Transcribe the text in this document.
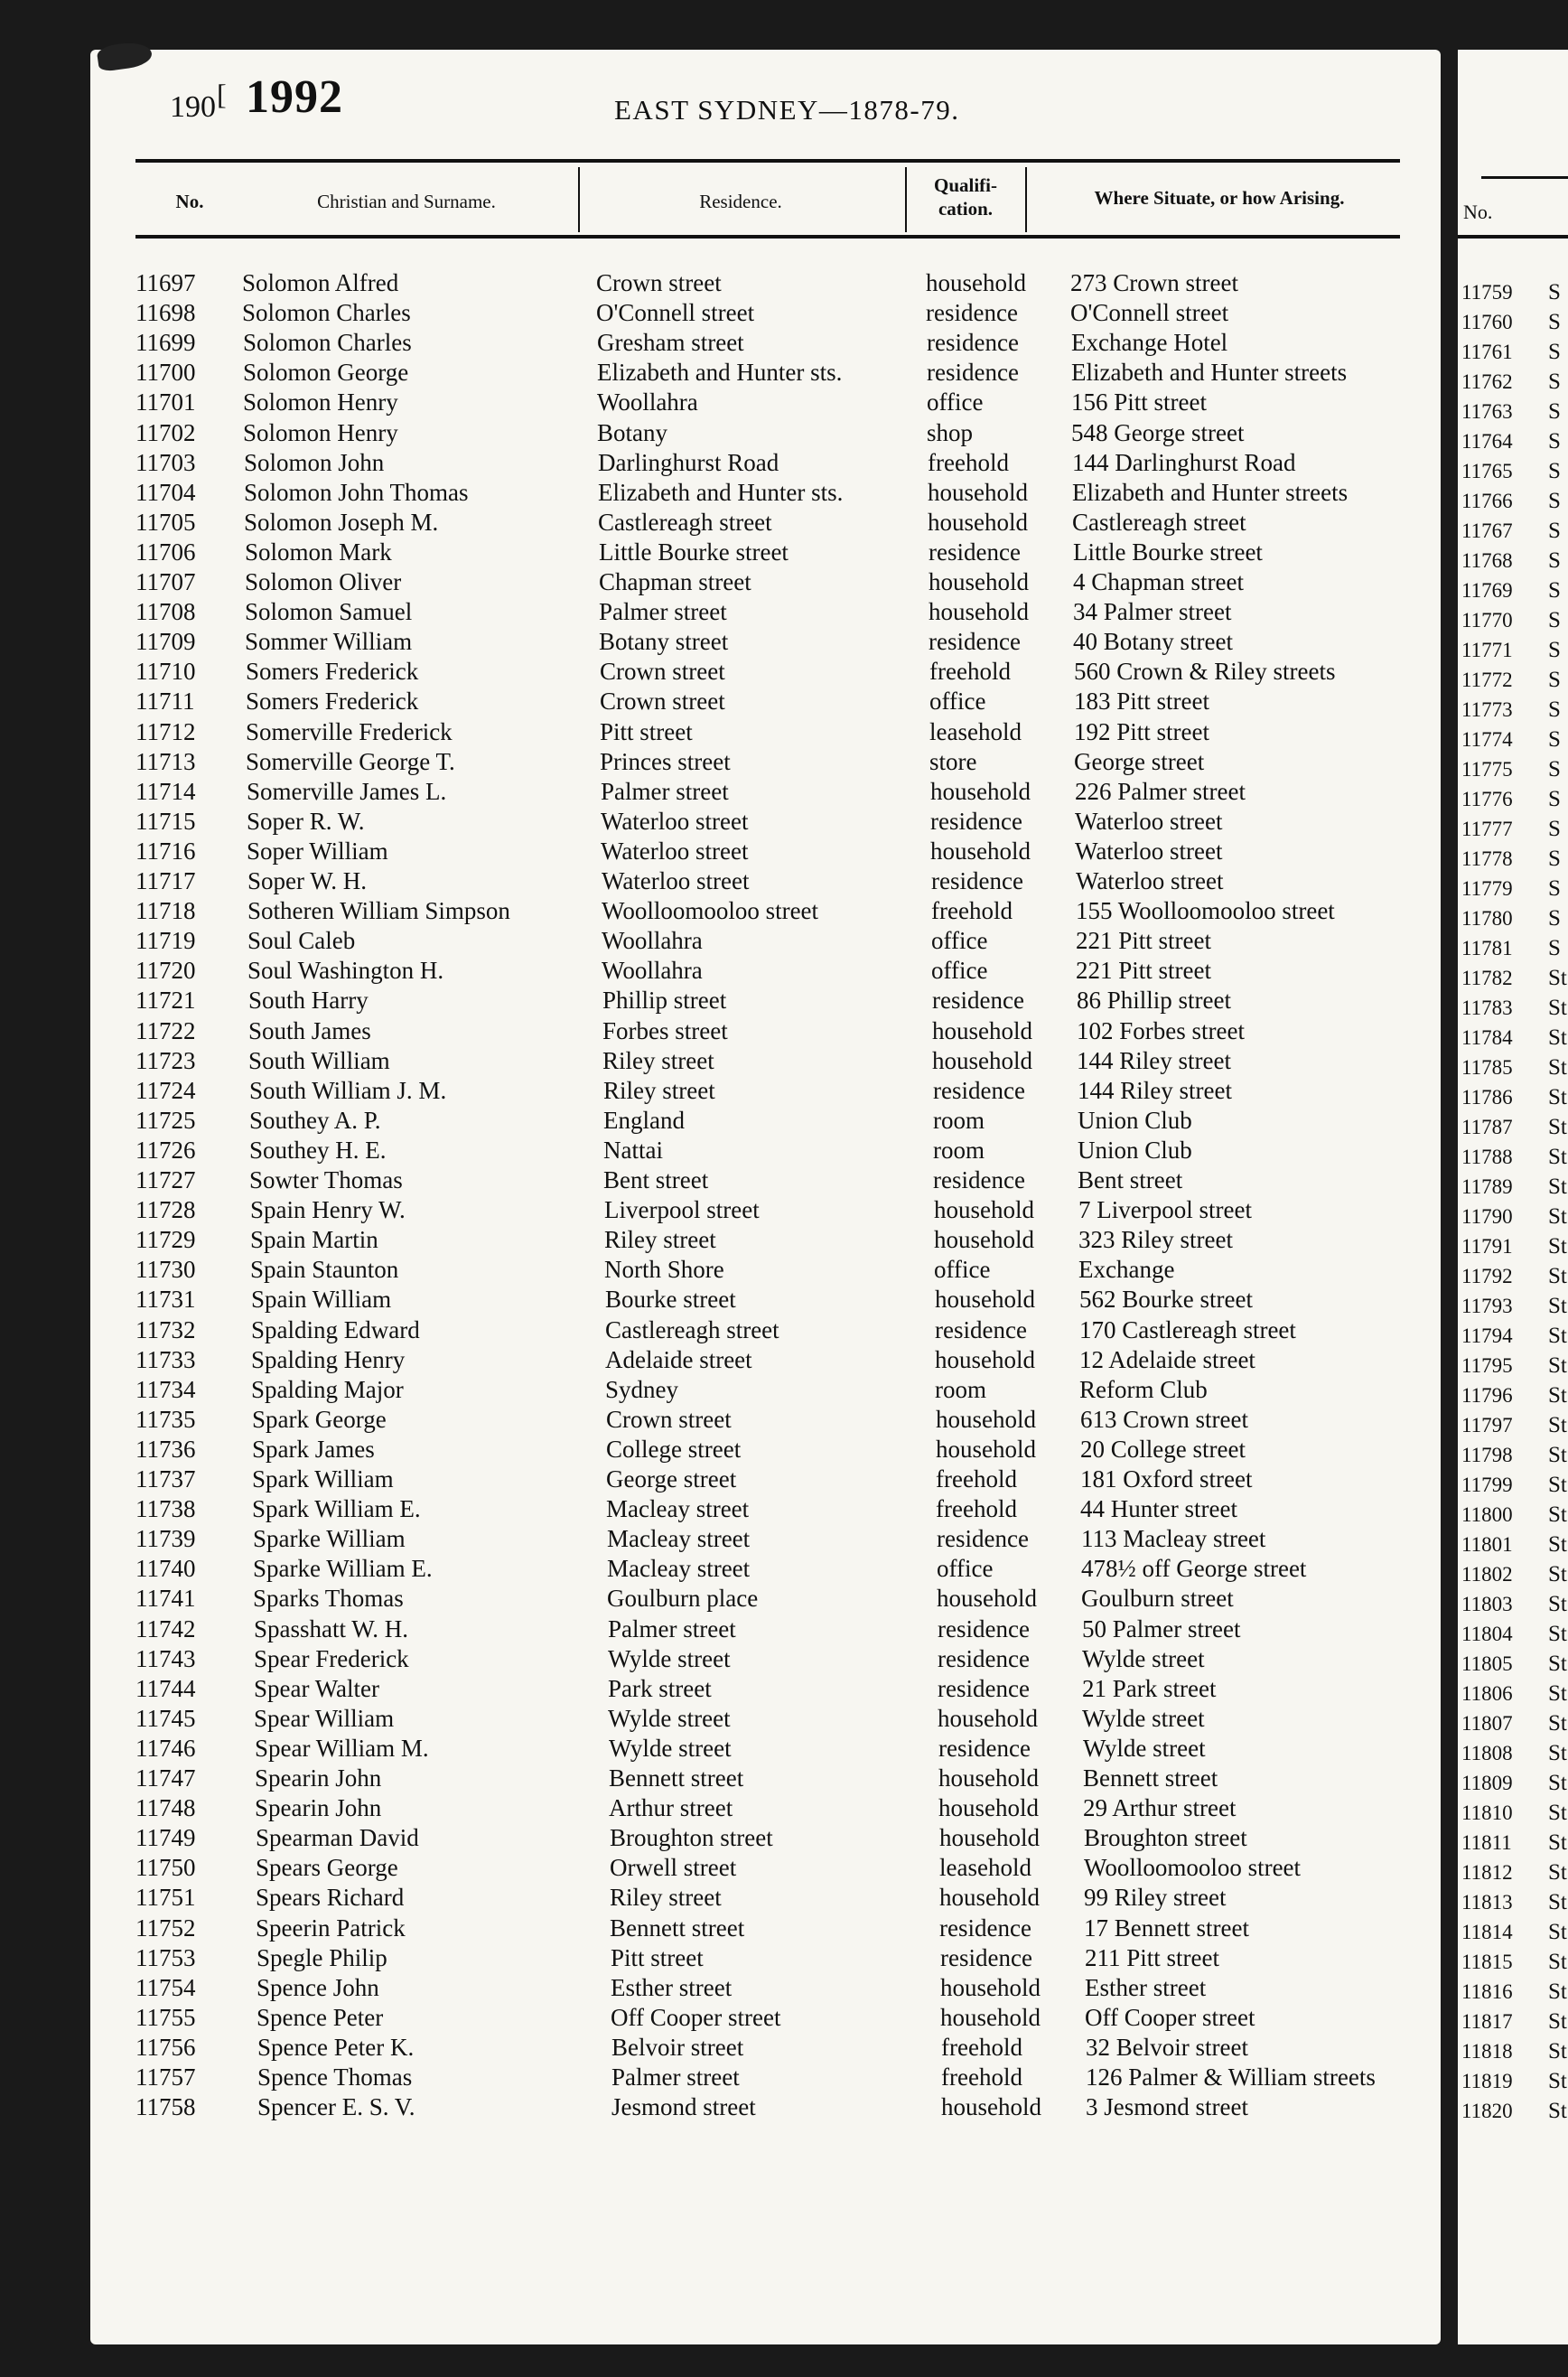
190 [ 1992	EAST SYDNEY—1878-79.
No.	Christian and Surname.	Residence.
Qualifi-
cation.	Where Situate, or how Arising.
11697 Solomon Alfred	Crown street	household 273 Crown street
11698 Solomon Charles	O'Connell street	residence O'Connell street
11699 Solomon Charles	Gresham street	residence Exchange Hotel
11700 Solomon George	Elizabeth and Hunter sts.	residence Elizabeth and Hunter streets
11701 Solomon Henry	Woollahra	office	156 Pitt street
11702 Solomon Henry	Botany	shop	548 George street
11703 Solomon John	Darlinghurst Road	freehold	144 Darlinghurst Road
11704 Solomon John Thomas	Elizabeth and Hunter sts.	household Elizabeth and Hunter streets
11705 Solomon Joseph M.	Castlereagh street	household Castlereagh street
11706 Solomon Mark	Little Bourke street	residence Little Bourke street
11707 Solomon Oliver	Chapman street	household 4 Chapman street
11708 Solomon Samuel	Palmer street	household 34 Palmer street
11709 Sommer William	Botany street	residence 40 Botany street
11710 Somers Frederick	Crown street	freehold	560 Crown & Riley streets
11711 Somers Frederick	Crown street	office	183 Pitt street
11712 Somerville Frederick	Pitt street	leasehold 192 Pitt street
11713 Somerville George T.	Princes street	store	George street
11714 Somerville James L.	Palmer street	household 226 Palmer street
11715 Soper R. W.	Waterloo street	residence Waterloo street
11716 Soper William	Waterloo street	household Waterloo street
11717 Soper W. H.	Waterloo street	residence Waterloo street
11718 Sotheren William Simpson	Woolloomooloo street	freehold	155 Woolloomooloo street
11719 Soul Caleb	Woollahra	office	221 Pitt street
11720 Soul Washington H.	Woollahra	office	221 Pitt street
11721 South Harry	Phillip street	residence 86 Phillip street
11722 South James	Forbes street	household 102 Forbes street
11723 South William	Riley street	household 144 Riley street
11724 South William J. M.	Riley street	residence 144 Riley street
11725 Southey A. P.	England	room	Union Club
11726 Southey H. E.	Nattai	room	Union Club
11727 Sowter Thomas	Bent street	residence Bent street
11728 Spain Henry W.	Liverpool street	household 7 Liverpool street
11729 Spain Martin	Riley street	household 323 Riley street
11730 Spain Staunton	North Shore	office	Exchange
11731 Spain William	Bourke street	household 562 Bourke street
11732 Spalding Edward	Castlereagh street	residence 170 Castlereagh street
11733 Spalding Henry	Adelaide street	household 12 Adelaide street
11734 Spalding Major	Sydney	room	Reform Club
11735 Spark George	Crown street	household 613 Crown street
11736 Spark James	College street	household 20 College street
11737 Spark William	George street	freehold	181 Oxford street
11738 Spark William E.	Macleay street	freehold	44 Hunter street
11739 Sparke William	Macleay street	residence 113 Macleay street
11740 Sparke William E.	Macleay street	office	478½ off George street
11741 Sparks Thomas	Goulburn place	household Goulburn street
11742 Spasshatt W. H.	Palmer street	residence 50 Palmer street
11743 Spear Frederick	Wylde street	residence Wylde street
11744 Spear Walter	Park street	residence 21 Park street
11745 Spear William	Wylde street	household Wylde street
11746 Spear William M.	Wylde street	residence Wylde street
11747 Spearin John	Bennett street	household Bennett street
11748 Spearin John	Arthur street	household 29 Arthur street
11749 Spearman David	Broughton street	household Broughton street
11750 Spears George	Orwell street	leasehold Woolloomooloo street
11751 Spears Richard	Riley street	household 99 Riley street
11752 Speerin Patrick	Bennett street	residence 17 Bennett street
11753	Spegle Philip	Pitt street	residence 211 Pitt street
11754	Spence John	Esther street	household Esther street
11755	Spence Peter	Off Cooper street	household Off Cooper street
11756	Spence Peter K.	Belvoir street	freehold	32 Belvoir street
11757	Spence Thomas	Palmer street	freehold	126 Palmer & William streets
11758	Spencer E. S. V.	Jesmond street	household 3 Jesmond street
No.
11759 S
11760 S
11761 S
11762 S
11763 S
11764 S
11765 S
11766 S
11767 S
11768 S
11769 S
11770 S
11771 S
11772 S
11773 S
11774 S
11775 S
11776 S
11777 S
11778 S
11779 S
11780 S
11781 S
11782 St
11783 St
11784 St
11785 St
11786 St
11787 St
11788 St
11789 St
11790 St
11791 St
11792 St
11793 St
11794 St
11795 St
11796 St
11797 St
11798 St
11799 St
11800 St
11801 St
11802 St
11803 St
11804 St
11805 St
11806 St
11807 St
11808 St
11809 St
11810 St
11811 St
11812 St
11813 St
11814 St
11815 St
11816 St
11817 St
11818 St
11819 St
11820 St
